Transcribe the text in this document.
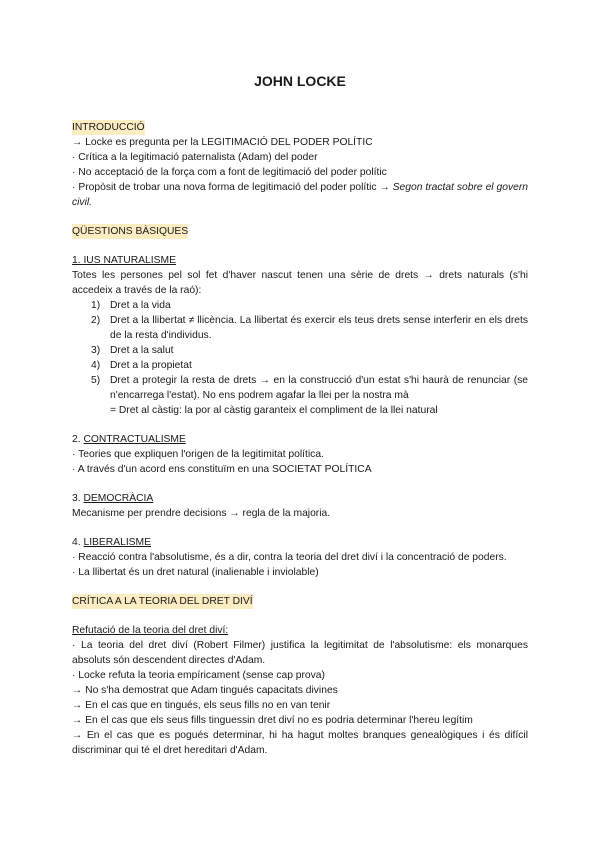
JOHN LOCKE
INTRODUCCIÓ
→ Locke es pregunta per la LEGITIMACIÓ DEL PODER POLÍTIC
· Crítica a la legitimació paternalista (Adam) del poder
· No acceptació de la força com a font de legitimació del poder polític
· Propòsit de trobar una nova forma de legitimació del poder polític → Segon tractat sobre el govern civil.
QÜESTIONS BÀSIQUES
1. IUS NATURALISME
Totes les persones pel sol fet d'haver nascut tenen una sèrie de drets → drets naturals (s'hi accedeix a través de la raó):
1) Dret a la vida
2) Dret a la llibertat ≠ llicència. La llibertat és exercir els teus drets sense interferir en els drets de la resta d'individus.
3) Dret a la salut
4) Dret a la propietat
5) Dret a protegir la resta de drets → en la construcció d'un estat s'hi haurà de renunciar (se n'encarrega l'estat). No ens podrem agafar la llei per la nostra mà
= Dret al càstig: la por al càstig garanteix el compliment de la llei natural
2. CONTRACTUALISME
· Teories que expliquen l'origen de la legitimitat política.
· A través d'un acord ens constituïm en una SOCIETAT POLÍTICA
3. DEMOCRÀCIA
Mecanisme per prendre decisions → regla de la majoria.
4. LIBERALISME
· Reacció contra l'absolutisme, és a dir, contra la teoria del dret diví i la concentració de poders.
· La llibertat és un dret natural (inalienable i inviolable)
CRÍTICA A LA TEORIA DEL DRET DIVÍ
Refutació de la teoria del dret diví:
· La teoria del dret diví (Robert Filmer) justifica la legitimitat de l'absolutisme: els monarques absoluts són descendent directes d'Adam.
· Locke refuta la teoria empíricament (sense cap prova)
→ No s'ha demostrat que Adam tingués capacitats divines
→ En el cas que en tingués, els seus fills no en van tenir
→ En el cas que els seus fills tinguessin dret diví no es podria determinar l'hereu legítim
→ En el cas que es pogués determinar, hi ha hagut moltes branques genealògiques i és difícil discriminar qui té el dret hereditari d'Adam.
